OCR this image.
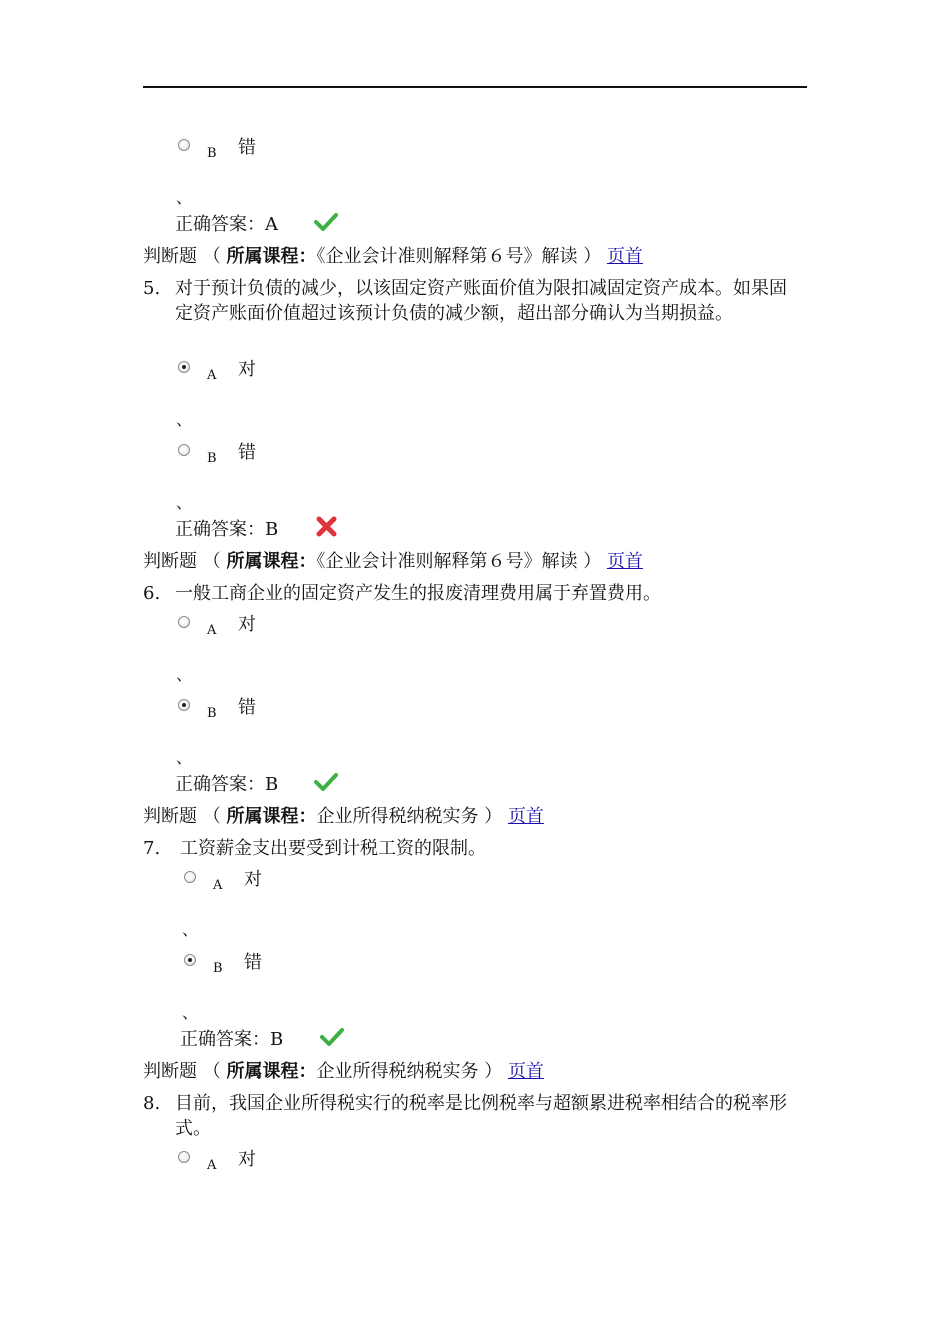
B 错
、
正确答案：A
判断题 （ 所属课程：《企业会计准则解释第６号》解读 ） 页首
5. 对于预计负债的减少，以该固定资产账面价值为限扣减固定资产成本。如果固定资产账面价值超过该预计负债的减少额，超出部分确认为当期损益。
A 对
、
B 错
、
正确答案：B
判断题 （ 所属课程：《企业会计准则解释第６号》解读 ） 页首
6. 一般工商企业的固定资产发生的报废清理费用属于弃置费用。
A 对
、
B 错
、
正确答案：B
判断题 （ 所属课程：企业所得税纳税实务 ） 页首
7. 工资薪金支出要受到计税工资的限制。
A 对
、
B 错
、
正确答案：B
判断题 （ 所属课程：企业所得税纳税实务 ） 页首
8. 目前，我国企业所得税实行的税率是比例税率与超额累进税率相结合的税率形式。
A 对
